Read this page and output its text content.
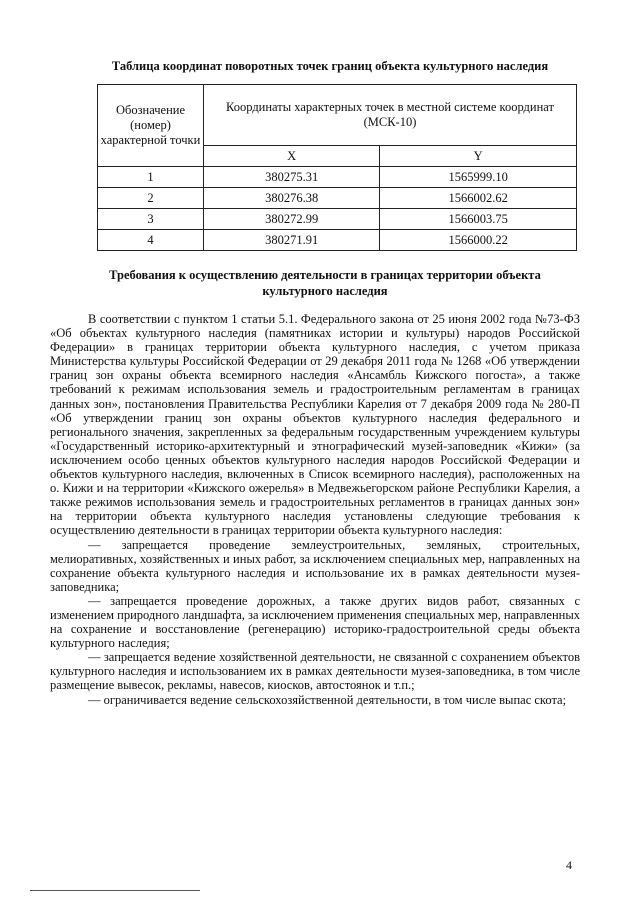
Таблица координат поворотных точек границ объекта культурного наследия
Обозначение (номер) характерной точки	Координаты характерных точек в местной системе координат (МСК-10)	
	X	Y
1	380275.31	1565999.10
2	380276.38	1566002.62
3	380272.99	1566003.75
4	380271.91	1566000.22
Требования к осуществлению деятельности в границах территории объекта культурного наследия

В соответствии с пунктом 1 статьи 5.1. Федерального закона от 25 июня 2002 года №73-ФЗ «Об объектах культурного наследия (памятниках истории и культуры) народов Российской Федерации» в границах территории объекта культурного наследия, с учетом приказа Министерства культуры Российской Федерации от 29 декабря 2011 года № 1268 «Об утверждении границ зон охраны объекта всемирного наследия «Ансамбль Кижского погоста», а также требований к режимам использования земель и градостроительным регламентам в границах данных зон», постановления Правительства Республики Карелия от 7 декабря 2009 года № 280-П «Об утверждении границ зон охраны объектов культурного наследия федерального и регионального значения, закрепленных за федеральным государственным учреждением культуры «Государственный историко-архитектурный и этнографический музей-заповедник «Кижи» (за исключением особо ценных объектов культурного наследия народов Российской Федерации и объектов культурного наследия, включенных в Список всемирного наследия), расположенных на о. Кижи и на территории «Кижского ожерелья» в Медвежьегорском районе Республики Карелия, а также режимов использования земель и градостроительных регламентов в границах данных зон» на территории объекта культурного наследия установлены следующие требования к осуществлению деятельности в границах территории объекта культурного наследия:

— запрещается проведение землеустроительных, земляных, строительных, мелиоративных, хозяйственных и иных работ, за исключением специальных мер, направленных на сохранение объекта культурного наследия и использование их в рамках деятельности музея-заповедника;

— запрещается проведение дорожных, а также других видов работ, связанных с изменением природного ландшафта, за исключением применения специальных мер, направленных на сохранение и восстановление (регенерацию) историко-градостроительной среды объекта культурного наследия;

— запрещается ведение хозяйственной деятельности, не связанной с сохранением объектов культурного наследия и использованием их в рамках деятельности музея-заповедника, в том числе размещение вывесок, рекламы, навесов, киосков, автостоянок и т.п.;

— ограничивается ведение сельскохозяйственной деятельности, в том числе выпас скота;

4
